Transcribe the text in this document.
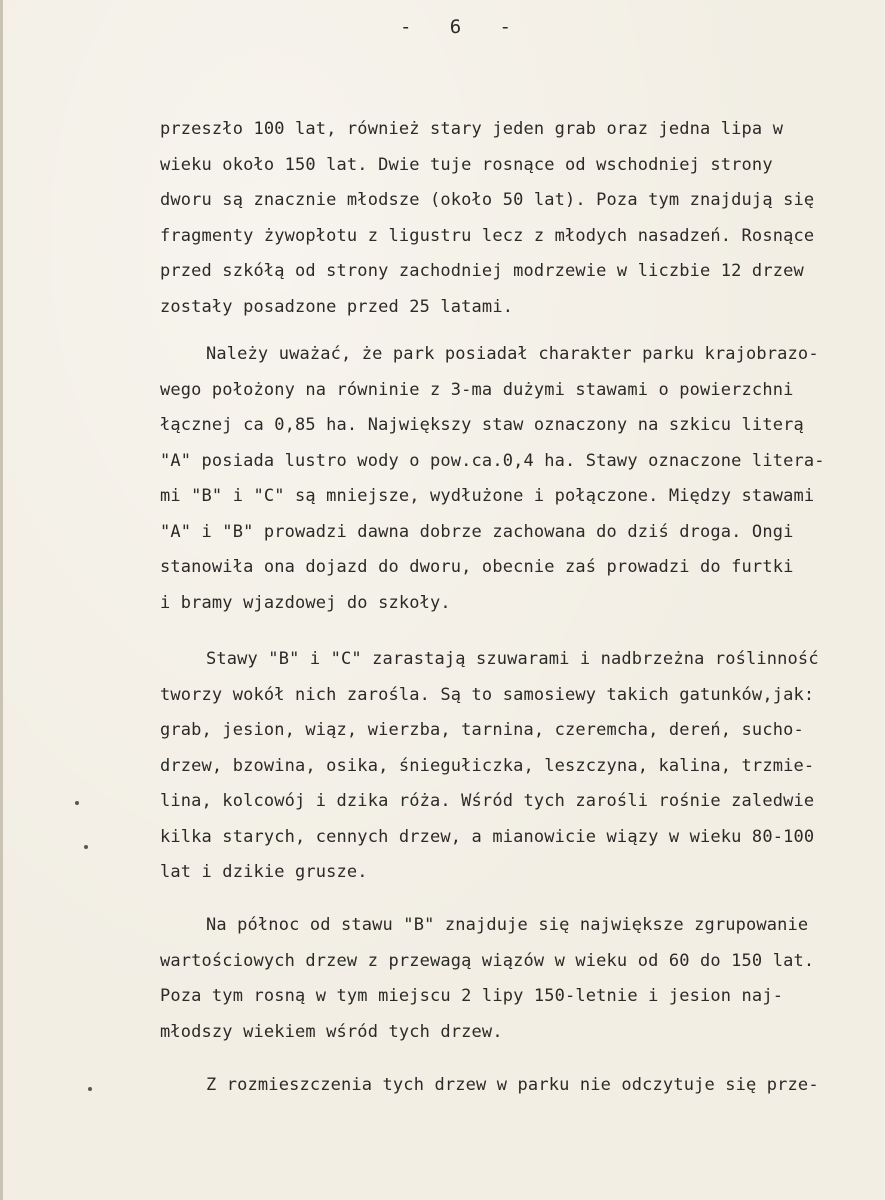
-   6   -

przeszło 100 lat, również stary jeden grab oraz jedna lipa w
wieku około 150 lat. Dwie tuje rosnące od wschodniej strony
dworu są znacznie młodsze (około 50 lat). Poza tym znajdują się
fragmenty żywopłotu z ligustru lecz z młodych nasadzeń. Rosnące
przed szkółą od strony zachodniej modrzewie w liczbie 12 drzew
zostały posadzone przed 25 latami.

Należy uważać, że park posiadał charakter parku krajobrazo-
wego położony na równinie z 3-ma dużymi stawami o powierzchni
łącznej ca 0,85 ha. Największy staw oznaczony na szkicu literą
"A" posiada lustro wody o pow.ca.0,4 ha. Stawy oznaczone litera-
mi "B" i "C" są mniejsze, wydłużone i połączone. Między stawami
"A" i "B" prowadzi dawna dobrze zachowana do dziś droga. Ongi
stanowiła ona dojazd do dworu, obecnie zaś prowadzi do furtki
i bramy wjazdowej do szkoły.

Stawy "B" i "C" zarastają szuwarami i nadbrzeżna roślinność
tworzy wokół nich zarośla. Są to samosiewy takich gatunków,jak:
grab, jesion, wiąz, wierzba, tarnina, czeremcha, dereń, sucho-
drzew, bzowina, osika, śniegułiczka, leszczyna, kalina, trzmie-
lina, kolcowój i dzika róża. Wśród tych zarośli rośnie zaledwie
kilka starych, cennych drzew, a mianowicie wiązy w wieku 80-100
lat i dzikie grusze.

Na północ od stawu "B" znajduje się największe zgrupowanie
wartościowych drzew z przewagą wiązów w wieku od 60 do 150 lat.
Poza tym rosną w tym miejscu 2 lipy 150-letnie i jesion naj-
młodszy wiekiem wśród tych drzew.

Z rozmieszczenia tych drzew w parku nie odczytuje się prze-
